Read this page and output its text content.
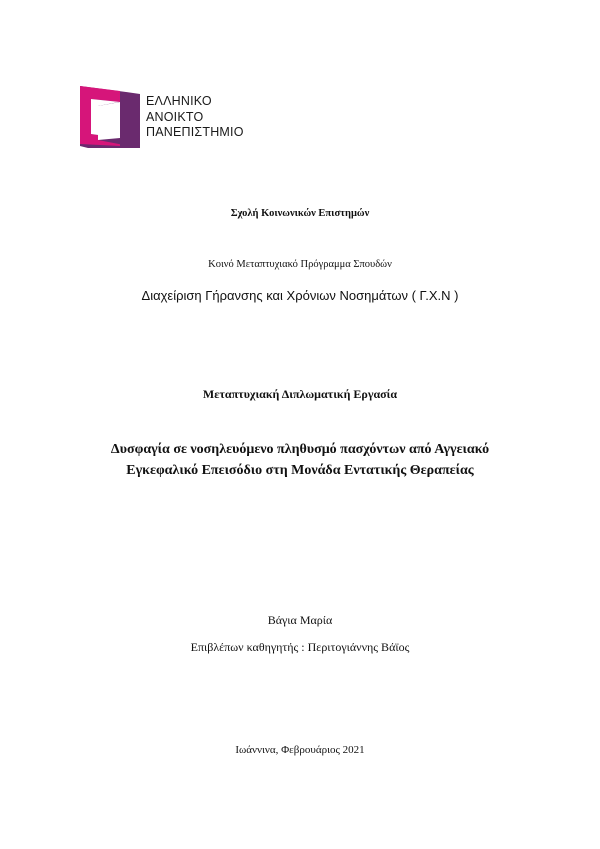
ΕΛΛΗΝΙΚΟ
ΑΝΟΙΚΤΟ
ΠΑΝΕΠΙΣΤΗΜΙΟ
Σχολή Κοινωνικών Επιστημών
Κοινό Μεταπτυχιακό Πρόγραμμα Σπουδών
Διαχείριση Γήρανσης και Χρόνιων Νοσημάτων ( Γ.Χ.Ν )
Μεταπτυχιακή Διπλωματική Εργασία
Δυσφαγία σε νοσηλευόμενο πληθυσμό πασχόντων από Αγγειακό
Εγκεφαλικό Επεισόδιο στη Μονάδα Εντατικής Θεραπείας
Βάγια Μαρία
Επιβλέπων καθηγητής : Περιτογιάννης Βάϊος
Ιωάννινα, Φεβρουάριος 2021
